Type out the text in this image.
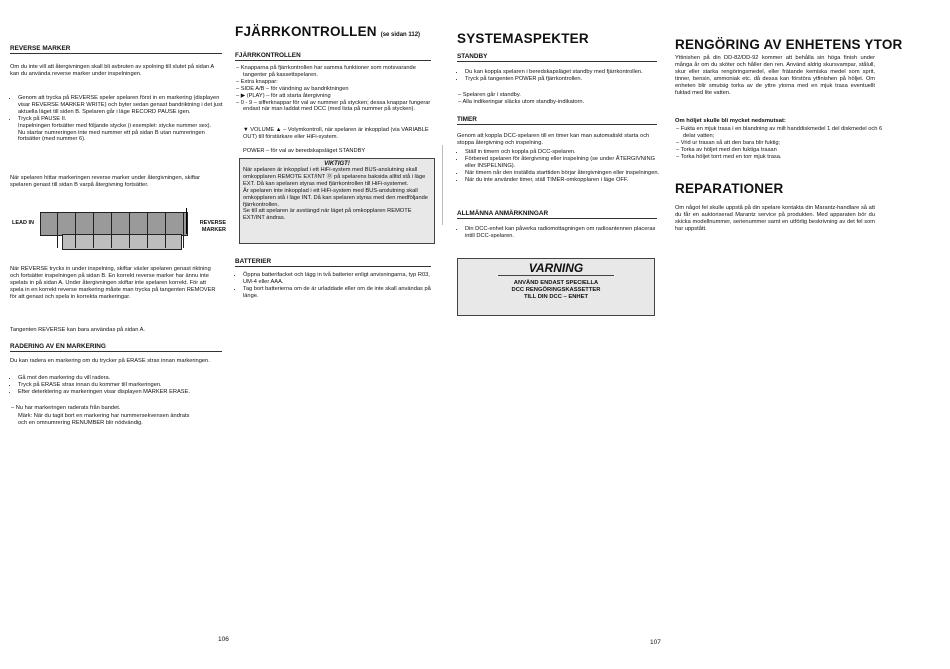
REVERSE MARKER

Om du inte vill att återgivningen skall bli avbruten av spolning till slutet på sidan A kan du använda reverse marker under inspelningen.

• Genom att trycka på REVERSE speler spelaren först in en markering (displayen visar REVERSE MARKER WRITE) och byter sedan genast bandriktning i det just aktuella läget till siden B. Spelaren går i läge RECORD PAUSE igen.
• Tryck på PAUSE II.
Inspelningen fortsätter med följande stycke (i exemplet: stycke nummer sex).
Nu startar numreringen inte med nummer ett på sidan B utan numreringen fortsätter (med nummer 6).

När spelaren hittar markeringen reverse marker under återgivningen, skiftar spelaren genast till sidan B varpå återgivning fortsätter.

LEAD IN	REVERSE MARKER

När REVERSE trycks in under inspelning, skiftar växler spelaren genast riktning och fortsätter inspelningen på sidan B. En korrekt reverse marker har ännu inte spelats in på sidan A. Under återgivningen skiftar inte spelaren korrekt. För att spela in en korrekt reverse markering måste man trycka på tangenten REMOVER för att genast och spela in korrekta markeringar.

Tangenten REVERSE kan bara användas på sidan A.

RADERING AV EN MARKERING

Du kan radera en markering om du trycker på ERASE strax innan markeringen.

• Gå mot den markering du vill radera.
• Tryck på ERASE strax innan du kommer till markeringen.
• Efter deterktering av markeringen visar displayen MARKER ERASE.
– Nu har markeringen raderats från bandet.

Märk: När du tagit bort en markering har nummersekvensen ändrats och en omnumrering RENUMBER blir nödvändig.

106
FJÄRRKONTROLLEN (se sidan 112)
FJÄRRKONTROLLEN
– Knapparna på fjärrkontrollen har samma funktioner som motsvarande tangenter på kassettspelaren.
– Extra knappar:
– SIDE A/B – för vändning av bandriktningen
– ▶ (PLAY) – för att starta återgivning
– 0 - 9 – sifferknappar för val av nummer på stycken; dessa knappar fungerar endast när man laddat med DCC (med lista på nummer på stycken).

▼ VOLUME ▲ – Volymkontroll, när spelaren är inkopplad (via VARIABLE OUT) till förstärkare eller HiFi-system.

POWER – för val av beredskapsläget STANDBY

VIKTIGT!

När spelaren är inkopplad i ett HiFi-system med BUS-anslutning skall omkopplaren REMOTE EXT/INT ⑱ på spelarens baksida alltid stå i läge EXT. Då kan spelaren styras med fjärrkontrollen till HiFi-systemet.

Är spelaren inte inkopplad i ett HiFi-system med BUS-anslutning skall omkopplaren stå i läge INT. Då kan spelaren styras med den medföljande fjärrkontrollen.

Se till att spelaren är avstängd när läget på omkopplaren REMOTE EXT/INT ändras.

BATTERIER
• Öppna batterifacket och lägg in två batterier enligt anvisningarna, typ R03, UM-4 eller AAA.
• Tag bort batterierna om de är urladdade eller om de inte skall användas på länge.
SYSTEMASPEKTER
STANDBY
• Du kan koppla spelaren i beredskapsläget standby med fjärrkontrollen.
• Tryck på tangenten POWER på fjärrkontrollen.
– Spelaren går i standby.
– Alla indikeringar släcks utom standby-indikatorn.
TIMER

Genom att koppla DCC-spelaren till en timer kan man automatiskt starta och stoppa återgivning och inspelning.

• Ställ in timern och koppla på DCC-spelaren.
• Förbered spelaren för återgivning eller inspelning (se under ÅTERGIVNING eller INSPELNING).
• När timern når den inställda starttiden börjar återgivningen eller inspelningen.
• När du inte använder timer, ställ TIMER-omkopplaren i läge OFF.
ALLMÄNNA ANMÄRKNINGAR
• Din DCC-enhet kan påverka radiomottagningen om radioantennen placeras intill DCC-spelaren.
VARNING
ANVÄND ENDAST SPECIELLA
DCC RENGÖRINGSKASSETTER
TILL DIN DCC – ENHET
RENGÖRING AV ENHETENS YTOR

Yttinishen på din DD-82/DD-92 kommer att behålla sin höga finish under många år om du sköter och håller den ren. Använd aldrig skursvampar, stålull, skur eller starka rengöringsmedel, eller frätande kemiska medel som sprit, tinner, bensin, ammoniak etc. då dessa kan förstöra ytfinishen på höljet. Om enheten blir smutsig torka av de yttre ytorna med en mjuk trasa eventuellt fuktad med lite vatten.

Om höljet skulle bli mycket nedsmutsat:
– Fukta en mjuk trasa i en blandning av milt handdiskmedel 1 del diskmedel och 6 delar vatten;
– Vrid ur trasan så att den bara blir fuktig;
– Torka av höljet med den fuktiga trasan
– Torka höljet torrt med en torr mjuk trasa.
REPARATIONER

Om något fel skulle uppstå på din spelare kontakta din Marantz-handlare så att du får en auktoriserad Marantz service på produkten. Med apparaten bör du skicka modellnummer, serienummer samt en utförlig beskrivning av det fel som har uppstått.

107
